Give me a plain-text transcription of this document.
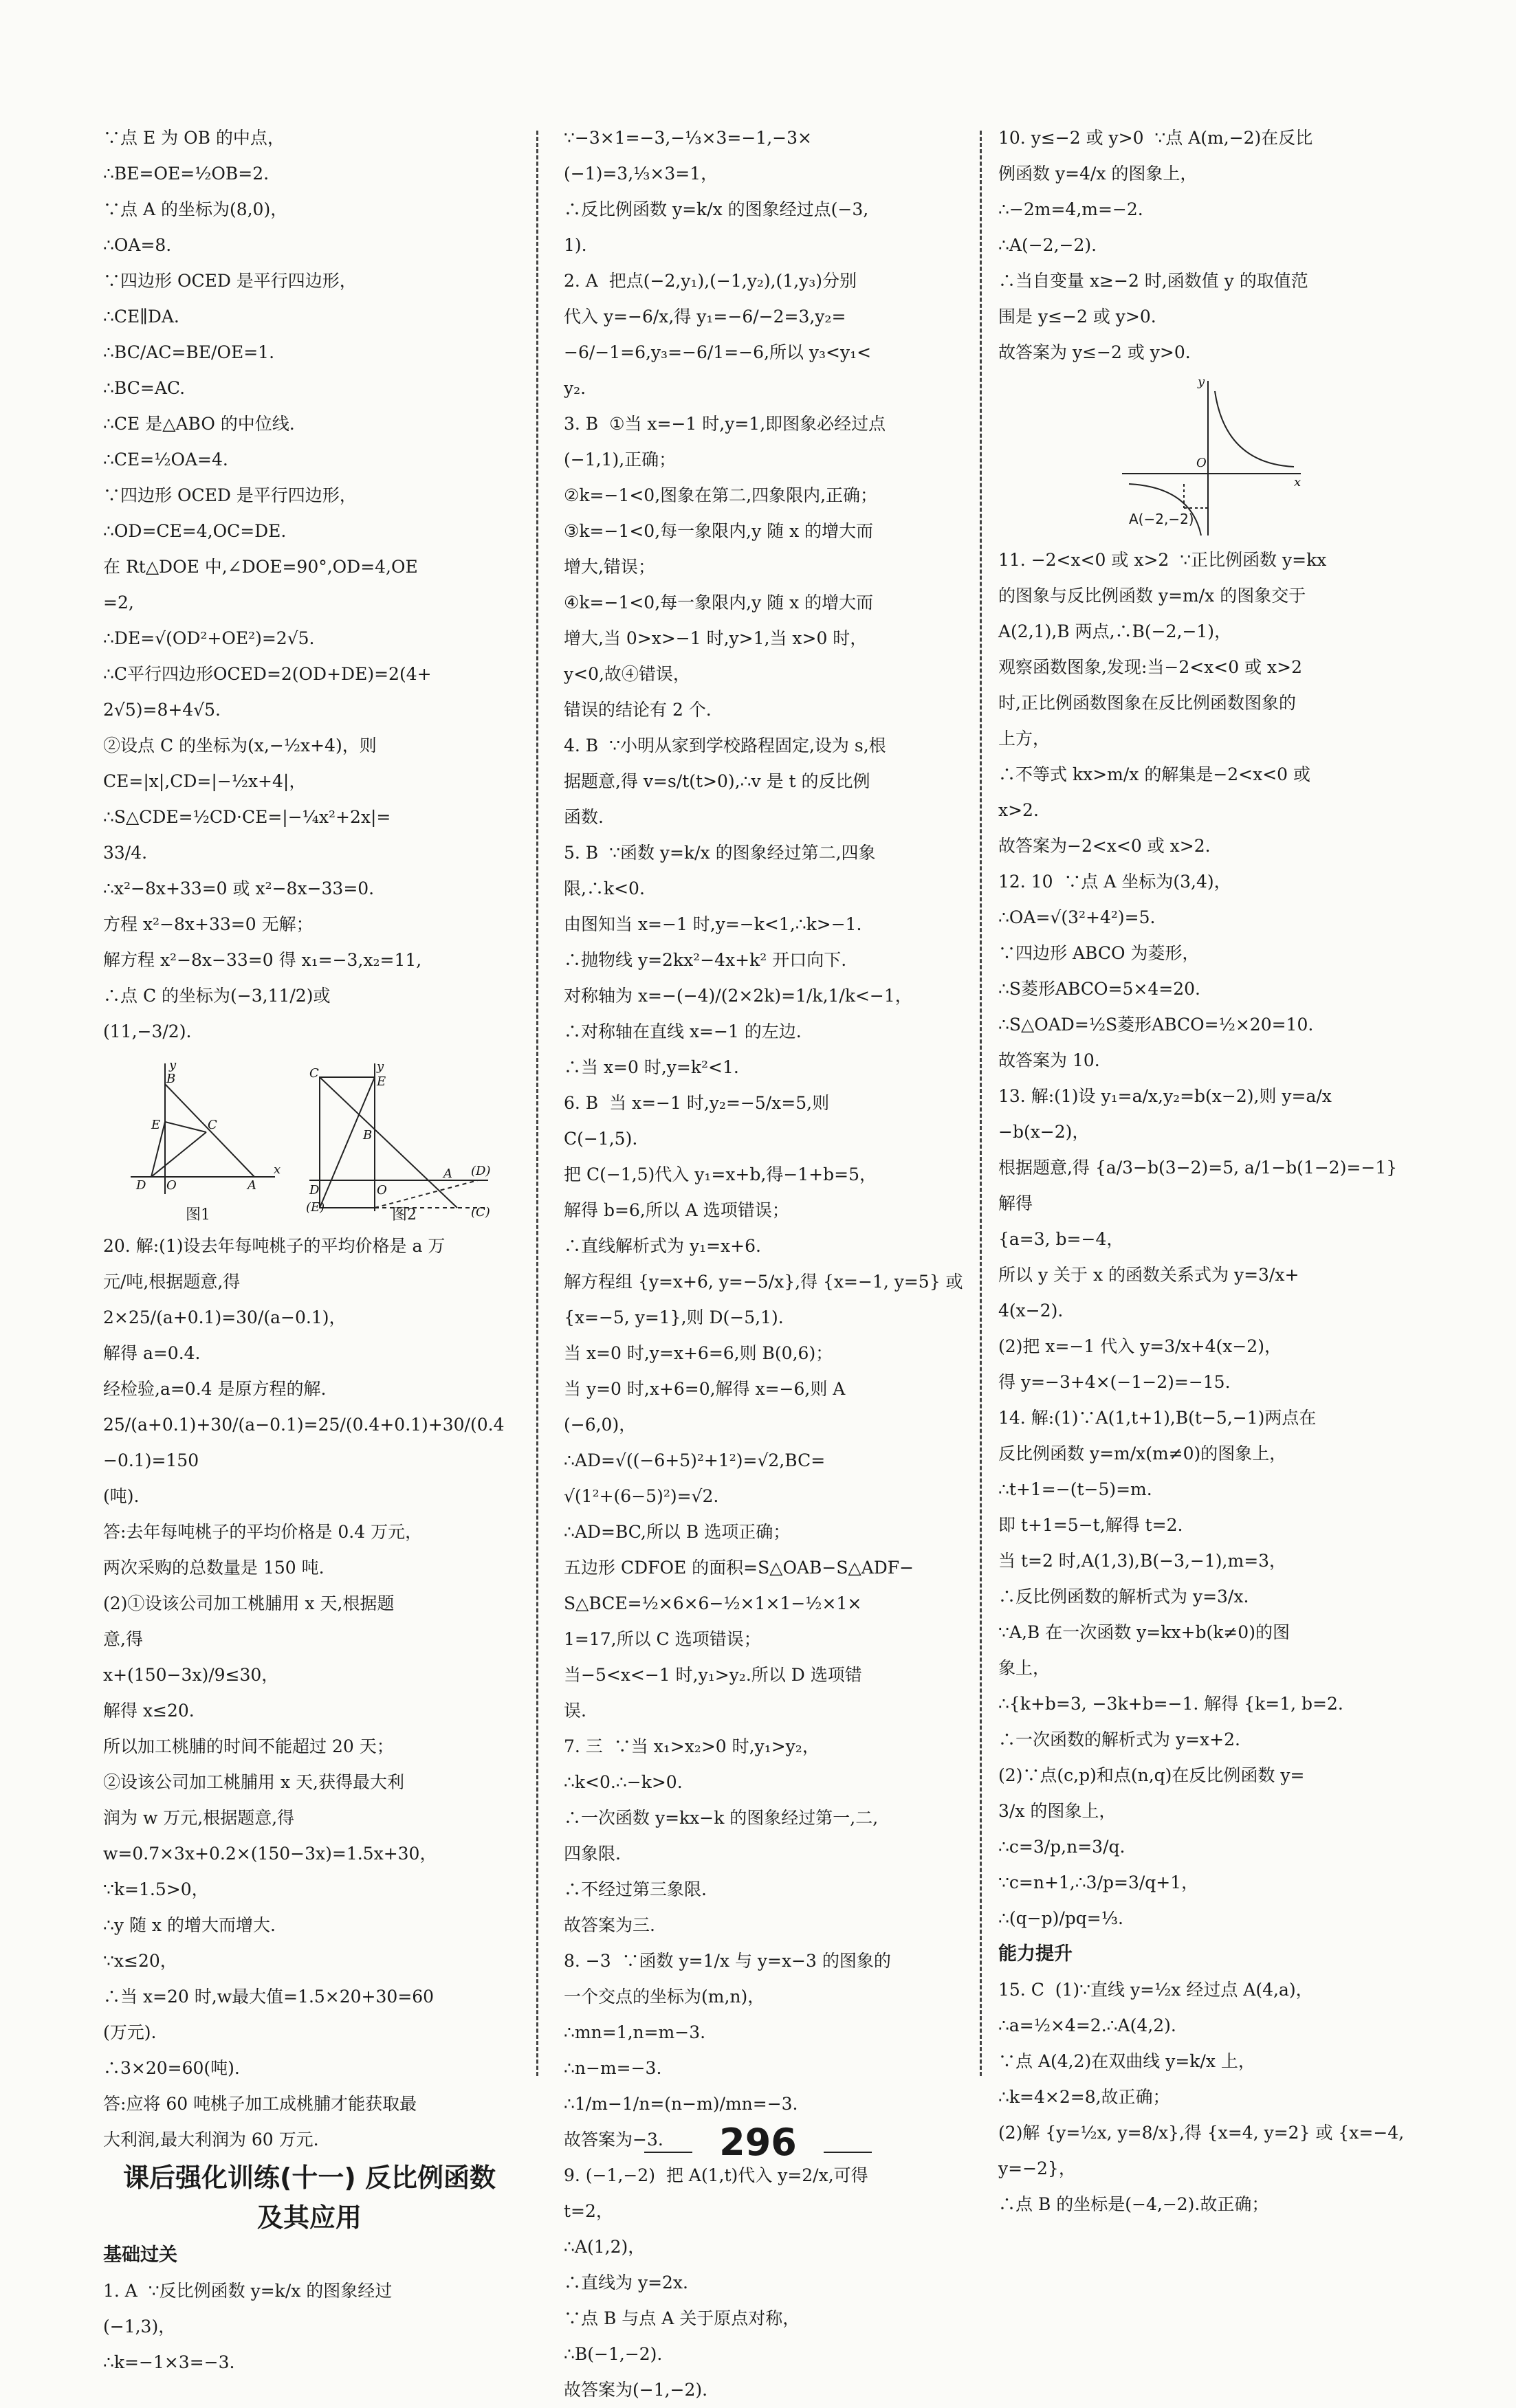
∵点 E 为 OB 的中点，
∴BE=OE=½OB=2.
∵点 A 的坐标为(8,0)，
∴OA=8.
∵四边形 OCED 是平行四边形，
∴CE∥DA.
∴BC/AC=BE/OE=1.
∴BC=AC.
∴CE 是△ABO 的中位线.
∴CE=½OA=4.
∵四边形 OCED 是平行四边形，
∴OD=CE=4,OC=DE.
在 Rt△DOE 中,∠DOE=90°,OD=4,OE
=2,
∴DE=√(OD²+OE²)=2√5.
∴C平行四边形OCED=2(OD+DE)=2(4+
2√5)=8+4√5.
②设点 C 的坐标为(x,−½x+4)，则
CE=|x|,CD=|−½x+4|，
∴S△CDE=½CD·CE=|−¼x²+2x|=
33/4.
∴x²−8x+33=0 或 x²−8x−33=0.
方程 x²−8x+33=0 无解；
解方程 x²−8x−33=0 得 x₁=−3,x₂=11,
∴点 C 的坐标为(−3,11/2)或
(11,−3/2).
y
B
E	C
D O	A
x
C	y
E
B
D	O
A (D)
(E)	(C)
图1	图2
20. 解:(1)设去年每吨桃子的平均价格是 a 万
元/吨,根据题意,得
2×25/(a+0.1)=30/(a−0.1)，
解得 a=0.4.
经检验,a=0.4 是原方程的解.
25/(a+0.1)+30/(a−0.1)=25/(0.4+0.1)+30/(0.4−0.1)=150
(吨).
答:去年每吨桃子的平均价格是 0.4 万元，
两次采购的总数量是 150 吨.
(2)①设该公司加工桃脯用 x 天,根据题
意,得
x+(150−3x)/9≤30，
解得 x≤20.
所以加工桃脯的时间不能超过 20 天；
②设该公司加工桃脯用 x 天,获得最大利
润为 w 万元,根据题意,得
w=0.7×3x+0.2×(150−3x)=1.5x+30，
∵k=1.5>0，
∴y 随 x 的增大而增大.
∵x≤20，
∴当 x=20 时,w最大值=1.5×20+30=60
(万元).
∴3×20=60(吨).
答:应将 60 吨桃子加工成桃脯才能获取最
大利润,最大利润为 60 万元.
课后强化训练(十一) 反比例函数
及其应用
基础过关
1. A  ∵反比例函数 y=k/x 的图象经过
(−1,3)，
∴k=−1×3=−3.
∵−3×1=−3,−⅓×3=−1,−3×
(−1)=3,⅓×3=1，
∴反比例函数 y=k/x 的图象经过点(−3,
1).
2. A  把点(−2,y₁),(−1,y₂),(1,y₃)分别
代入 y=−6/x,得 y₁=−6/−2=3,y₂=
−6/−1=6,y₃=−6/1=−6,所以 y₃<y₁<
y₂.
3. B  ①当 x=−1 时,y=1,即图象必经过点
(−1,1),正确；
②k=−1<0,图象在第二,四象限内,正确；
③k=−1<0,每一象限内,y 随 x 的增大而
增大,错误；
④k=−1<0,每一象限内,y 随 x 的增大而
增大,当 0>x>−1 时,y>1,当 x>0 时，
y<0,故④错误，
错误的结论有 2 个.
4. B  ∵小明从家到学校路程固定,设为 s,根
据题意,得 v=s/t(t>0),∴v 是 t 的反比例
函数.
5. B  ∵函数 y=k/x 的图象经过第二,四象
限,∴k<0.
由图知当 x=−1 时,y=−k<1,∴k>−1.
∴抛物线 y=2kx²−4x+k² 开口向下.
对称轴为 x=−(−4)/(2×2k)=1/k,1/k<−1，
∴对称轴在直线 x=−1 的左边.
∴当 x=0 时,y=k²<1.
6. B  当 x=−1 时,y₂=−5/x=5,则
C(−1,5).
把 C(−1,5)代入 y₁=x+b,得−1+b=5，
解得 b=6,所以 A 选项错误；
∴直线解析式为 y₁=x+6.
解方程组 {y=x+6, y=−5/x},得 {x=−1, y=5} 或
{x=−5, y=1},则 D(−5,1).
当 x=0 时,y=x+6=6,则 B(0,6)；
当 y=0 时,x+6=0,解得 x=−6,则 A
(−6,0)，
∴AD=√((−6+5)²+1²)=√2,BC=
√(1²+(6−5)²)=√2.
∴AD=BC,所以 B 选项正确；
五边形 CDFOE 的面积=S△OAB−S△ADF−
S△BCE=½×6×6−½×1×1−½×1×
1=17,所以 C 选项错误；
当−5<x<−1 时,y₁>y₂.所以 D 选项错
误.
7. 三  ∵当 x₁>x₂>0 时,y₁>y₂，
∴k<0.∴−k>0.
∴一次函数 y=kx−k 的图象经过第一,二,
四象限.
∴不经过第三象限.
故答案为三.
8. −3  ∵函数 y=1/x 与 y=x−3 的图象的
一个交点的坐标为(m,n)，
∴mn=1,n=m−3.
∴n−m=−3.
∴1/m−1/n=(n−m)/mn=−3.
故答案为−3.
9. (−1,−2)  把 A(1,t)代入 y=2/x,可得
t=2，
∴A(1,2)，
∴直线为 y=2x.
∵点 B 与点 A 关于原点对称，
∴B(−1,−2).
故答案为(−1,−2).
10. y≤−2 或 y>0  ∵点 A(m,−2)在反比
例函数 y=4/x 的图象上，
∴−2m=4,m=−2.
∴A(−2,−2).
∴当自变量 x≥−2 时,函数值 y 的取值范
围是 y≤−2 或 y>0.
故答案为 y≤−2 或 y>0.
y
O
x
A(−2,−2)
11. −2<x<0 或 x>2  ∵正比例函数 y=kx
的图象与反比例函数 y=m/x 的图象交于
A(2,1),B 两点,∴B(−2,−1)，
观察函数图象,发现:当−2<x<0 或 x>2
时,正比例函数图象在反比例函数图象的
上方，
∴不等式 kx>m/x 的解集是−2<x<0 或
x>2.
故答案为−2<x<0 或 x>2.
12. 10  ∵点 A 坐标为(3,4)，
∴OA=√(3²+4²)=5.
∵四边形 ABCO 为菱形，
∴S菱形ABCO=5×4=20.
∴S△OAD=½S菱形ABCO=½×20=10.
故答案为 10.
13. 解:(1)设 y₁=a/x,y₂=b(x−2),则 y=a/x
−b(x−2)，
根据题意,得 {a/3−b(3−2)=5, a/1−b(1−2)=−1} 解得
{a=3, b=−4，
所以 y 关于 x 的函数关系式为 y=3/x+
4(x−2).
(2)把 x=−1 代入 y=3/x+4(x−2)，
得 y=−3+4×(−1−2)=−15.
14. 解:(1)∵A(1,t+1),B(t−5,−1)两点在
反比例函数 y=m/x(m≠0)的图象上，
∴t+1=−(t−5)=m.
即 t+1=5−t,解得 t=2.
当 t=2 时,A(1,3),B(−3,−1),m=3，
∴反比例函数的解析式为 y=3/x.
∵A,B 在一次函数 y=kx+b(k≠0)的图
象上，
∴{k+b=3, −3k+b=−1. 解得 {k=1, b=2.
∴一次函数的解析式为 y=x+2.
(2)∵点(c,p)和点(n,q)在反比例函数 y=
3/x 的图象上，
∴c=3/p,n=3/q.
∵c=n+1,∴3/p=3/q+1，
∴(q−p)/pq=⅓.
能力提升
15. C  (1)∵直线 y=½x 经过点 A(4,a)，
∴a=½×4=2.∴A(4,2).
∵点 A(4,2)在双曲线 y=k/x 上，
∴k=4×2=8,故正确；
(2)解 {y=½x, y=8/x},得 {x=4, y=2} 或 {x=−4, y=−2}，
∴点 B 的坐标是(−4,−2).故正确；
296
